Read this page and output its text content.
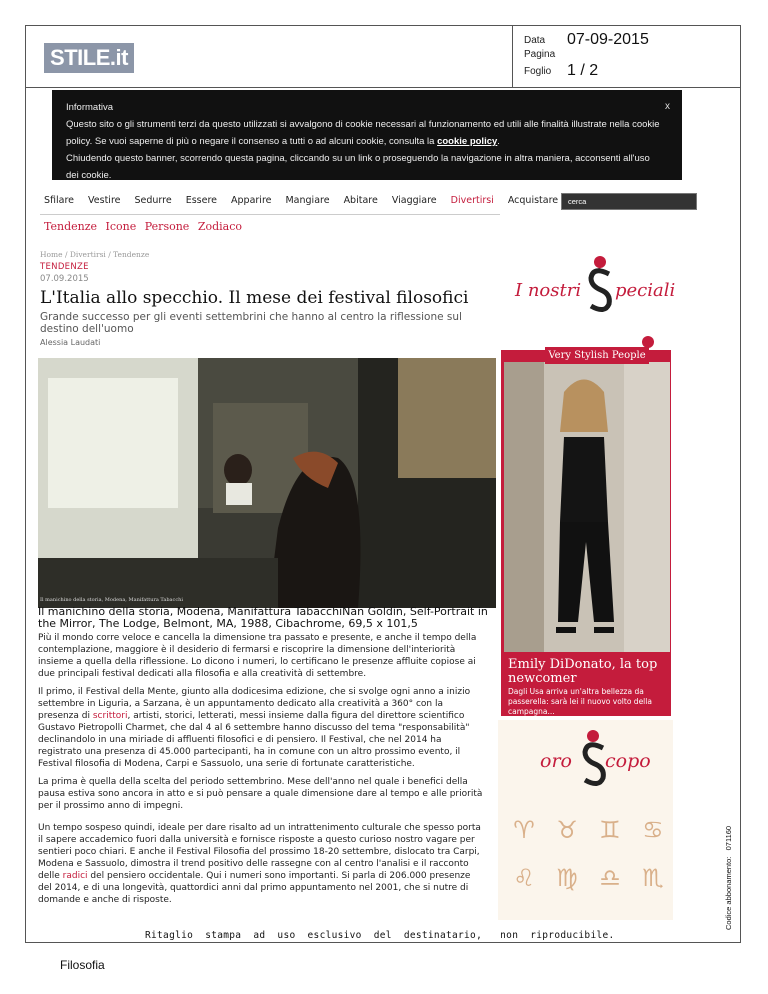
STILE.it
Data 07-09-2015
Pagina
Foglio 1 / 2
x
Informativa
Questo sito o gli strumenti terzi da questo utilizzati si avvalgono di cookie necessari al funzionamento ed utili alle finalità illustrate nella cookie
policy. Se vuoi saperne di più o negare il consenso a tutti o ad alcuni cookie, consulta la cookie policy.
Chiudendo questo banner, scorrendo questa pagina, cliccando su un link o proseguendo la navigazione in altra maniera, acconsenti all'uso
dei cookie.
Sfilare Vestire Sedurre Essere Apparire Mangiare Abitare Viaggiare Divertirsi Acquistare	cerca
Tendenze Icone Persone Zodiaco
Home / Divertirsi / Tendenze
TENDENZE
07.09.2015
L'Italia allo specchio. Il mese dei festival filosofici
Grande successo per gli eventi settembrini che hanno al centro la riflessione sul destino dell'uomo
Alessia Laudati
Il manichino della storia, Modena, Manifattura Tabacchi
Il manichino della storia, Modena, Manifattura TabacchiNan Goldin, Self-Portrait in the Mirror, The Lodge, Belmont, MA, 1988, Cibachrome, 69,5 x 101,5
Più il mondo corre veloce e cancella la dimensione tra passato e presente, e anche il tempo della contemplazione, maggiore è il desiderio di fermarsi e riscoprire la dimensione dell'interiorità insieme a quella della riflessione. Lo dicono i numeri, lo certificano le presenze affluite copiose ai due principali festival dedicati alla filosofia e alla creatività di settembre.
Il primo, il Festival della Mente, giunto alla dodicesima edizione, che si svolge ogni anno a inizio settembre in Liguria, a Sarzana, è un appuntamento dedicato alla creatività a 360° con la presenza di scrittori, artisti, storici, letterati, messi insieme dalla figura del direttore scientifico Gustavo Pietropolli Charmet, che dal 4 al 6 settembre hanno discusso del tema "responsabilità" declinandolo in una miriade di affluenti filosofici e di pensiero. Il Festival, che nel 2014 ha registrato una presenza di 45.000 partecipanti, ha in comune con un altro prossimo evento, il Festival filosofia di Modena, Carpi e Sassuolo, una serie di fortunate caratteristiche.
La prima è quella della scelta del periodo settembrino. Mese dell'anno nel quale i benefici della pausa estiva sono ancora in atto e si può pensare a quale dimensione dare al tempo e alle priorità per il prossimo anno di impegni.
Un tempo sospeso quindi, ideale per dare risalto ad un intrattenimento culturale che spesso porta il sapere accademico fuori dalla università e fornisce risposte a questo curioso nostro vagare per sentieri poco chiari. E anche il Festival Filosofia del prossimo 18-20 settembre, dislocato tra Carpi, Modena e Sassuolo, dimostra il trend positivo delle rassegne con al centro l'analisi e il racconto delle radici del pensiero occidentale. Qui i numeri sono importanti. Si parla di 206.000 presenze del 2014, e di una longevità, quattordici anni dal primo appuntamento nel 2001, che si nutre di domande e anche di risposte.
I nostri peciali
Very Stylish People
Emily DiDonato, la top newcomer
Dagli Usa arriva un'altra bellezza da passerella: sarà lei il nuovo volto della campagna...
oro copo
♈ ♉ ♊ ♋
♌ ♍ ♎ ♏	Codice abbonamento:   071160
Ritaglio  stampa  ad  uso  esclusivo  del  destinatario,   non  riproducibile.
Filosofia
